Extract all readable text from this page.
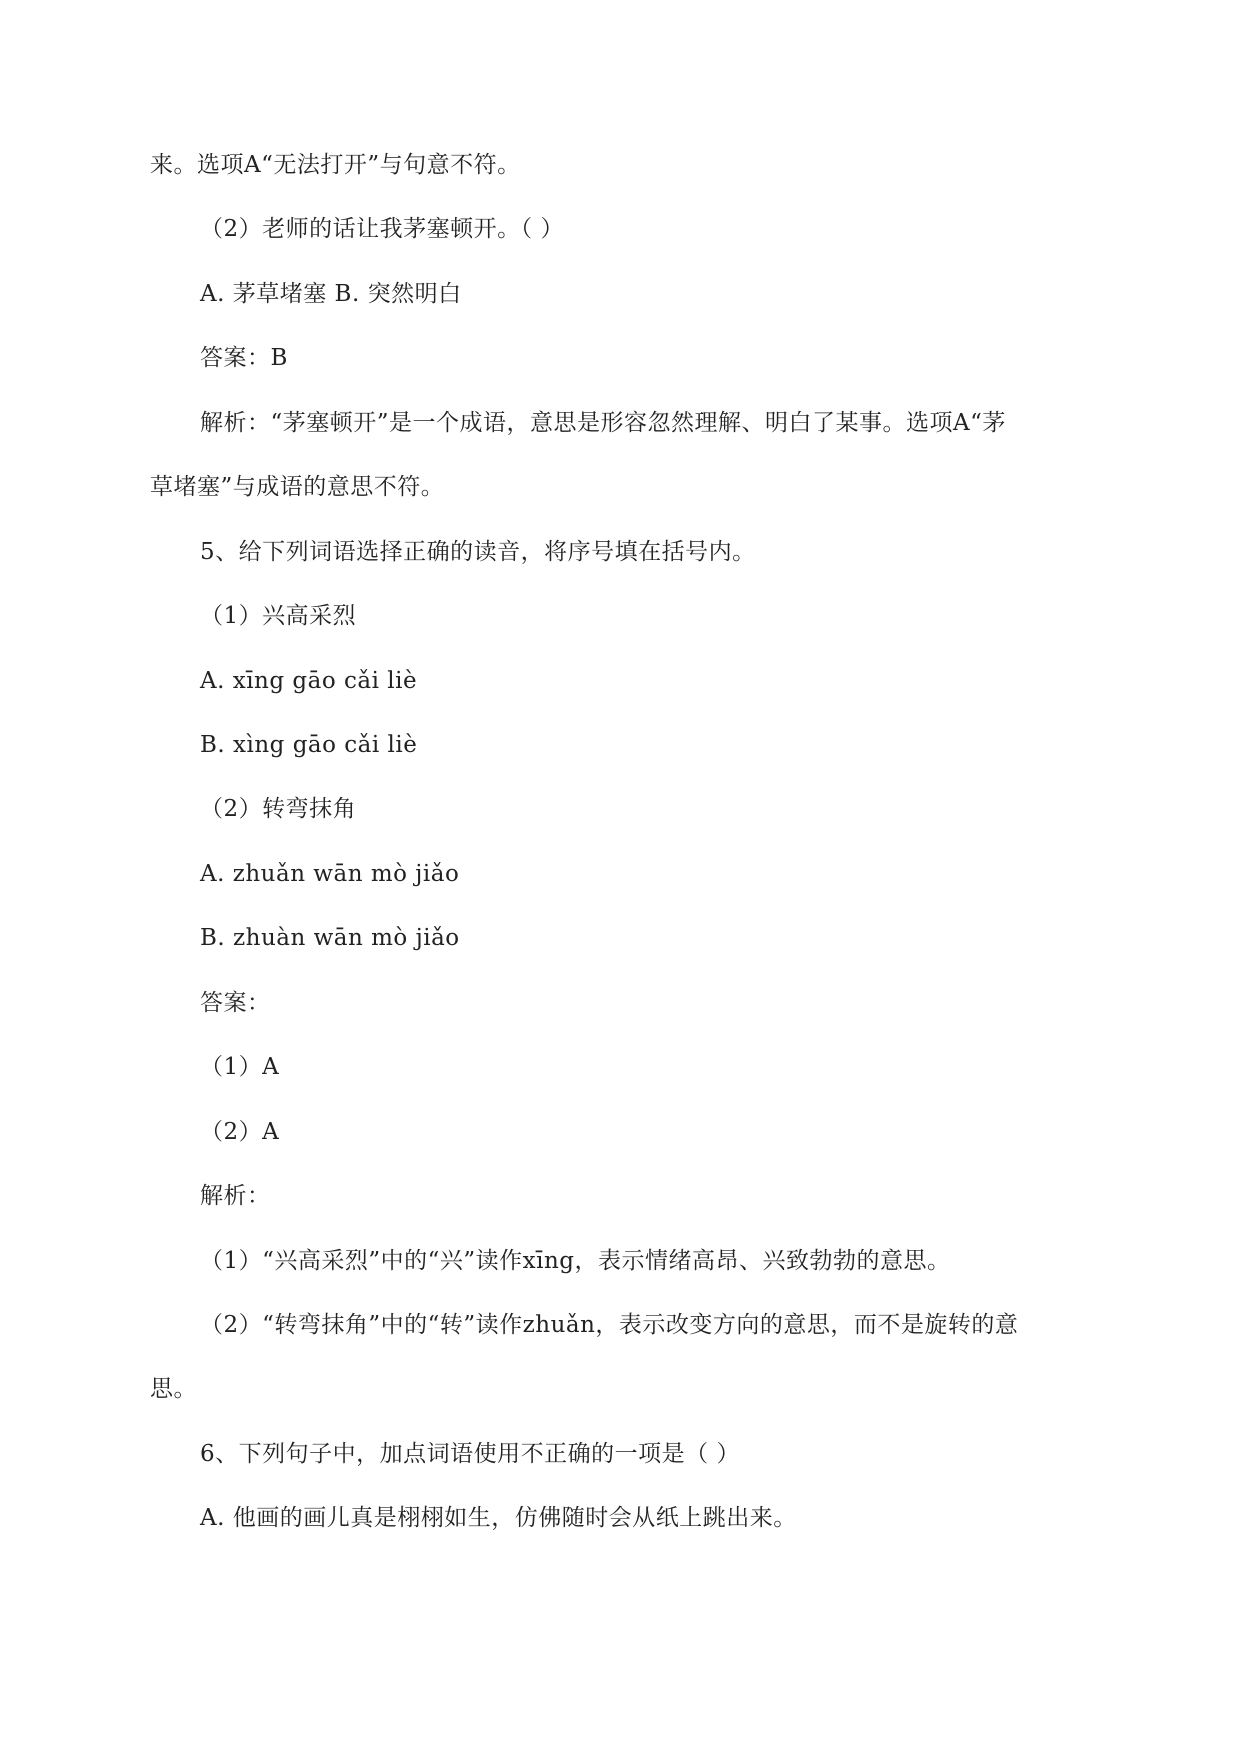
来。选项A“无法打开”与句意不符。
（2）老师的话让我茅塞顿开。（ ）
A. 茅草堵塞 B. 突然明白
答案：B
解析：“茅塞顿开”是一个成语，意思是形容忽然理解、明白了某事。选项A“茅
草堵塞”与成语的意思不符。
5、给下列词语选择正确的读音，将序号填在括号内。
（1）兴高采烈
A. xīng gāo cǎi liè
B. xìng gāo cǎi liè
（2）转弯抹角
A. zhuǎn wān mò jiǎo
B. zhuàn wān mò jiǎo
答案：
（1）A
（2）A
解析：
（1）“兴高采烈”中的“兴”读作xīng，表示情绪高昂、兴致勃勃的意思。
（2）“转弯抹角”中的“转”读作zhuǎn，表示改变方向的意思，而不是旋转的意
思。
6、下列句子中，加点词语使用不正确的一项是（ ）
A. 他画的画儿真是栩栩如生，仿佛随时会从纸上跳出来。
